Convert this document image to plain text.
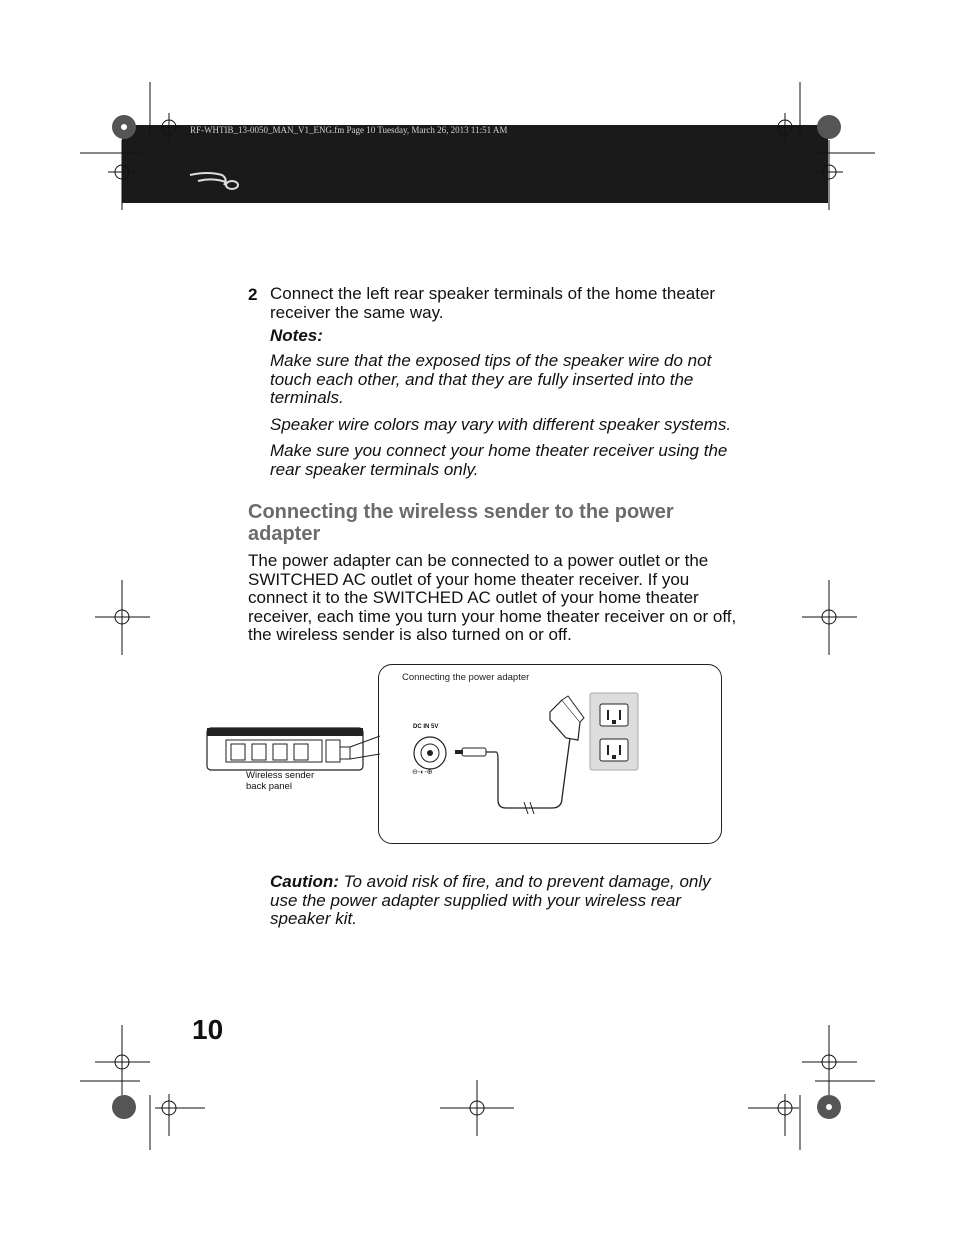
RF-WHTIB_13-0050_MAN_V1_ENG.fm Page 10 Tuesday, March 26, 2013 11:51 AM
2 Connect the left rear speaker terminals of the home theater receiver the same way.
Notes:
Make sure that the exposed tips of the speaker wire do not touch each other, and that they are fully inserted into the terminals.
Speaker wire colors may vary with different speaker systems.
Make sure you connect your home theater receiver using the rear speaker terminals only.
Connecting the wireless sender to the power adapter
The power adapter can be connected to a power outlet or the SWITCHED AC outlet of your home theater receiver. If you connect it to the SWITCHED AC outlet of your home theater receiver, each time you turn your home theater receiver on or off, the wireless sender is also turned on or off.
Connecting the power adapter
⊖-◐-⊕
DC IN 5V
Wireless sender back panel
Caution: To avoid risk of fire, and to prevent damage, only use the power adapter supplied with your wireless rear speaker kit.
10
